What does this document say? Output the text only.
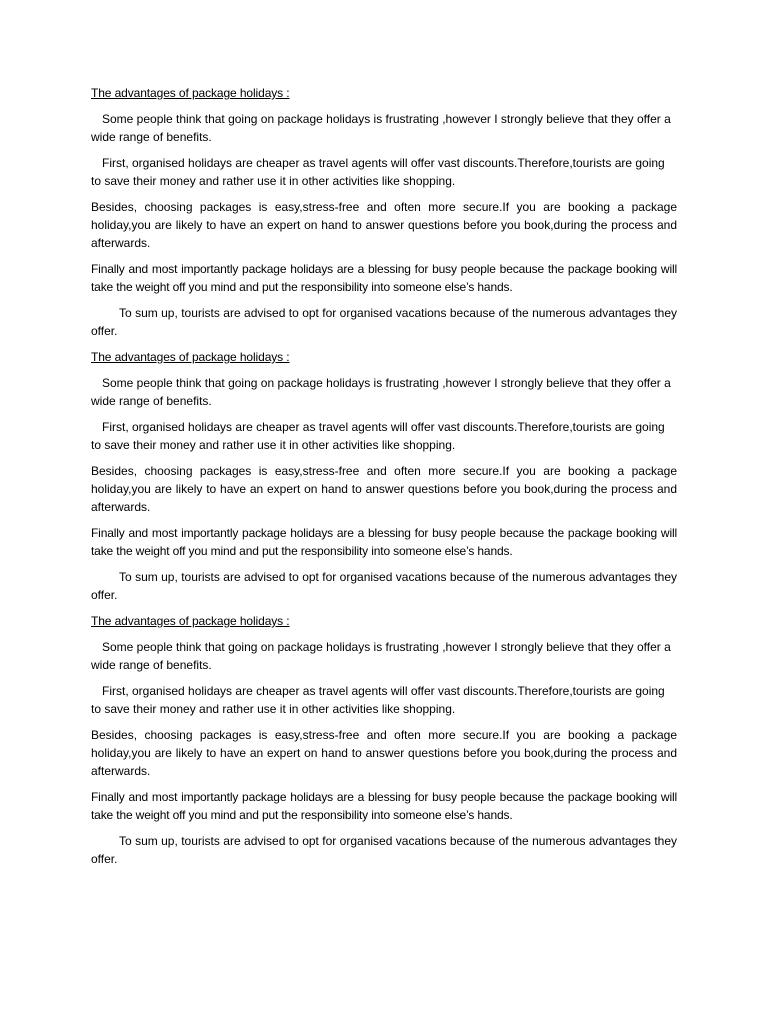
The advantages of package holidays :

Some people think that going on package holidays is frustrating ,however I strongly believe that they offer a wide range of benefits.

First, organised holidays are cheaper as travel agents will offer vast discounts.Therefore,tourists are going to save their money and rather use it in other activities like shopping.

Besides, choosing packages is easy,stress-free and often more secure.If you are booking a package holiday,you are likely to have an expert on hand to answer questions before you book,during the process and afterwards.

Finally and most importantly package holidays are a blessing for busy people because the package booking will take the weight off you mind and put the responsibility into someone else’s hands.

To sum up, tourists are advised to opt for organised vacations because of the numerous advantages they offer.

The advantages of package holidays :

Some people think that going on package holidays is frustrating ,however I strongly believe that they offer a wide range of benefits.

First, organised holidays are cheaper as travel agents will offer vast discounts.Therefore,tourists are going to save their money and rather use it in other activities like shopping.

Besides, choosing packages is easy,stress-free and often more secure.If you are booking a package holiday,you are likely to have an expert on hand to answer questions before you book,during the process and afterwards.

Finally and most importantly package holidays are a blessing for busy people because the package booking will take the weight off you mind and put the responsibility into someone else’s hands.

To sum up, tourists are advised to opt for organised vacations because of the numerous advantages they offer.

The advantages of package holidays :

Some people think that going on package holidays is frustrating ,however I strongly believe that they offer a wide range of benefits.

First, organised holidays are cheaper as travel agents will offer vast discounts.Therefore,tourists are going to save their money and rather use it in other activities like shopping.

Besides, choosing packages is easy,stress-free and often more secure.If you are booking a package holiday,you are likely to have an expert on hand to answer questions before you book,during the process and afterwards.

Finally and most importantly package holidays are a blessing for busy people because the package booking will take the weight off you mind and put the responsibility into someone else’s hands.

To sum up, tourists are advised to opt for organised vacations because of the numerous advantages they offer.
